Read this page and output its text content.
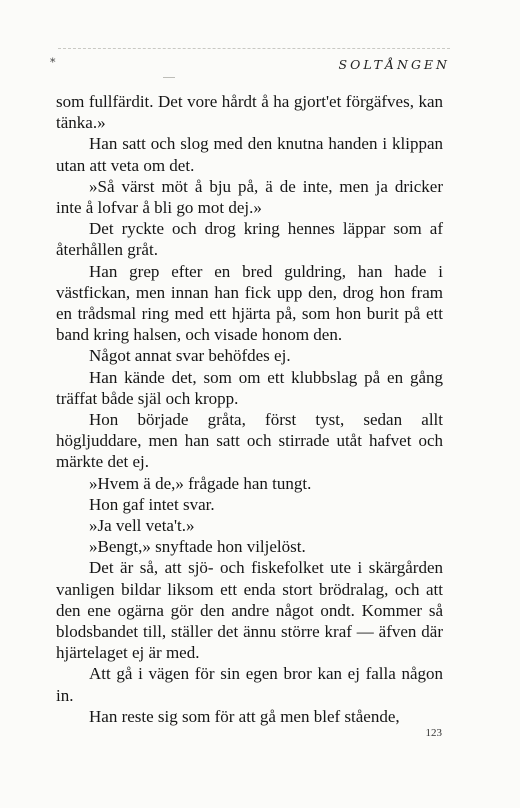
*	SOLTÅNGEN

som fullfärdit. Det vore hårdt å ha gjort'et förgäfves, kan tänka.»

Han satt och slog med den knutna handen i klippan utan att veta om det.

»Så värst möt å bju på, ä de inte, men ja dricker inte å lofvar å bli go mot dej.»

Det ryckte och drog kring hennes läppar som af återhållen gråt.

Han grep efter en bred guldring, han hade i västfickan, men innan han fick upp den, drog hon fram en trådsmal ring med ett hjärta på, som hon burit på ett band kring halsen, och visade honom den.

Något annat svar behöfdes ej.

Han kände det, som om ett klubbslag på en gång träffat både själ och kropp.

Hon började gråta, först tyst, sedan allt högljuddare, men han satt och stirrade utåt hafvet och märkte det ej.

»Hvem ä de,» frågade han tungt.

Hon gaf intet svar.

»Ja vell veta't.»

»Bengt,» snyftade hon viljelöst.

Det är så, att sjö- och fiskefolket ute i skärgården vanligen bildar liksom ett enda stort brödralag, och att den ene ogärna gör den andre något ondt. Kommer så blodsbandet till, ställer det ännu större kraf — äfven där hjärtelaget ej är med.

Att gå i vägen för sin egen bror kan ej falla någon in.

Han reste sig som för att gå men blef stående,

123
